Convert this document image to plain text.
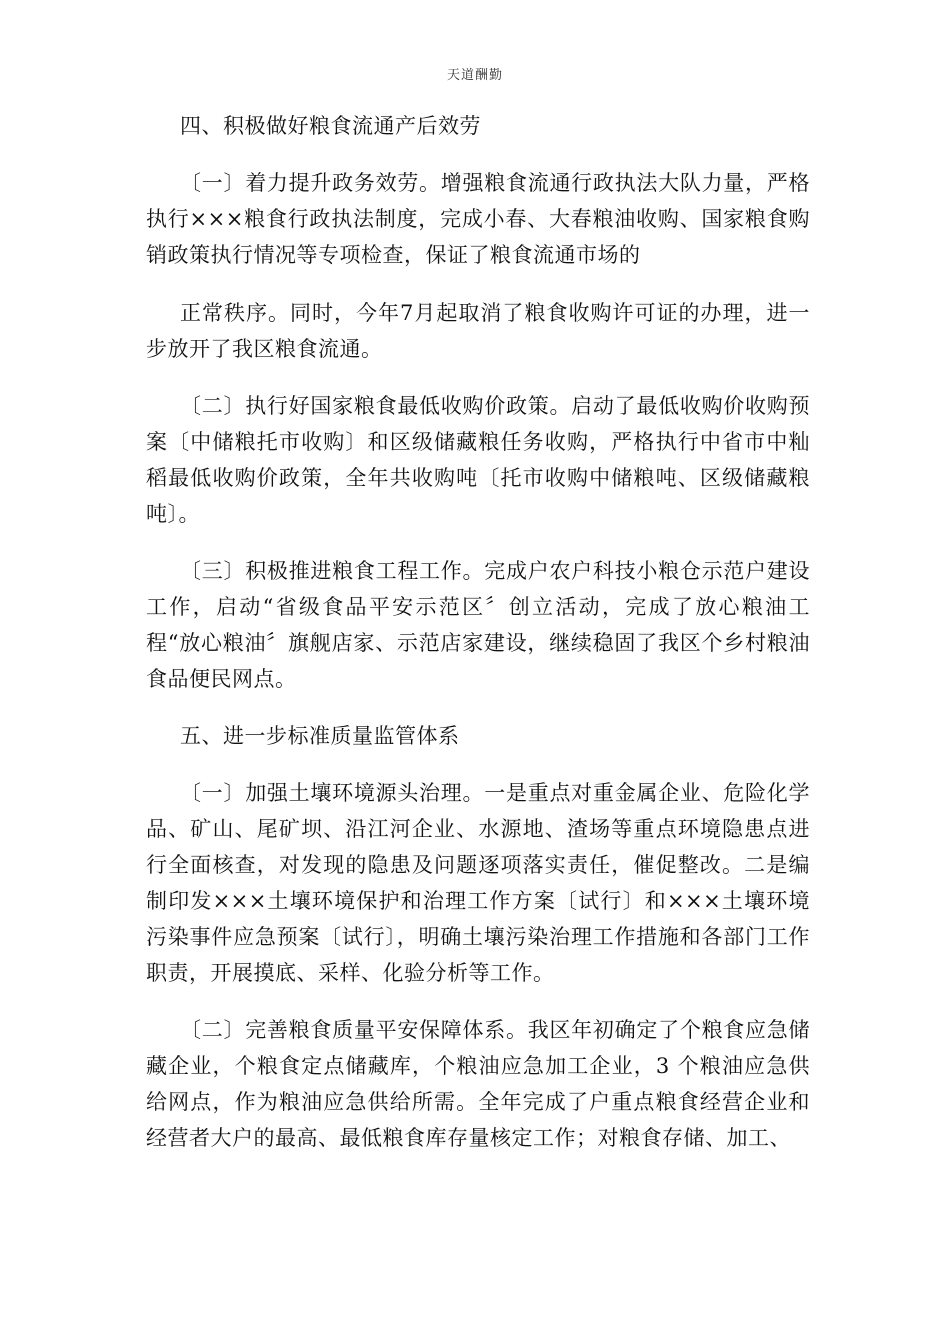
天道酬勤

四、积极做好粮食流通产后效劳

〔一〕着力提升政务效劳。增强粮食流通行政执法大队力量，严格执行×××粮食行政执法制度，完成小春、大春粮油收购、国家粮食购销政策执行情况等专项检查，保证了粮食流通市场的

正常秩序。同时，今年7月起取消了粮食收购许可证的办理，进一步放开了我区粮食流通。

〔二〕执行好国家粮食最低收购价政策。启动了最低收购价收购预案〔中储粮托市收购〕和区级储藏粮任务收购，严格执行中省市中籼稻最低收购价政策，全年共收购吨〔托市收购中储粮吨、区级储藏粮吨〕。

〔三〕积极推进粮食工程工作。完成户农户科技小粮仓示范户建设工作，启动“省级食品平安示范区〞创立活动，完成了放心粮油工程“放心粮油〞旗舰店家、示范店家建设，继续稳固了我区个乡村粮油食品便民网点。

五、进一步标准质量监管体系

〔一〕加强土壤环境源头治理。一是重点对重金属企业、危险化学品、矿山、尾矿坝、沿江河企业、水源地、渣场等重点环境隐患点进行全面核查，对发现的隐患及问题逐项落实责任，催促整改。二是编制印发×××土壤环境保护和治理工作方案〔试行〕和×××土壤环境污染事件应急预案〔试行〕，明确土壤污染治理工作措施和各部门工作职责，开展摸底、采样、化验分析等工作。

〔二〕完善粮食质量平安保障体系。我区年初确定了个粮食应急储藏企业，个粮食定点储藏库，个粮油应急加工企业，3 个粮油应急供给网点，作为粮油应急供给所需。全年完成了户重点粮食经营企业和经营者大户的最高、最低粮食库存量核定工作；对粮食存储、加工、
